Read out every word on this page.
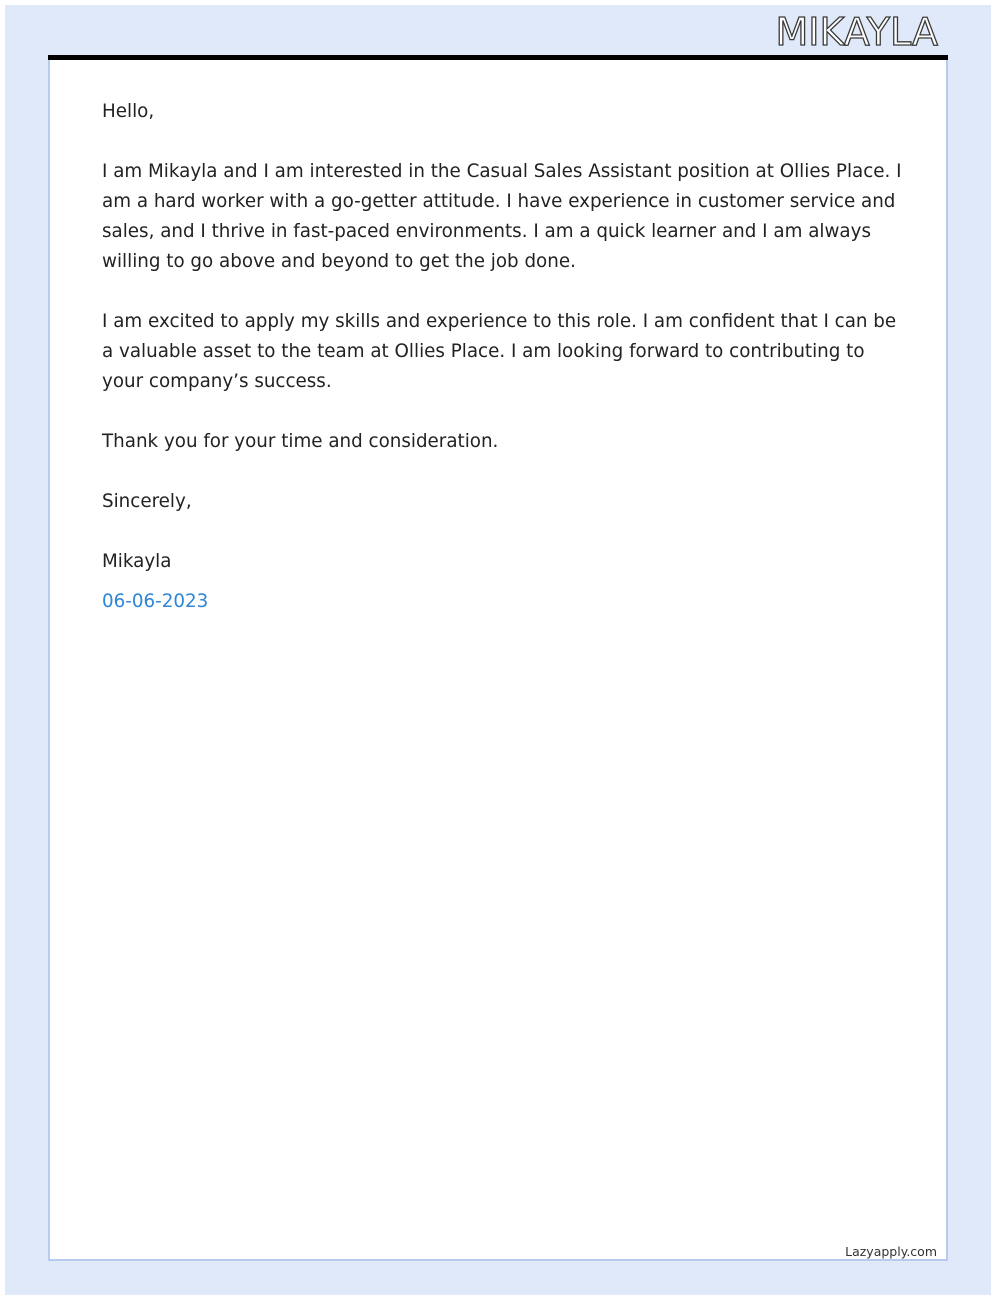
MIKAYLA

Hello,

I am Mikayla and I am interested in the Casual Sales Assistant position at Ollies Place. I am a hard worker with a go-getter attitude. I have experience in customer service and sales, and I thrive in fast-paced environments. I am a quick learner and I am always willing to go above and beyond to get the job done.

I am excited to apply my skills and experience to this role. I am confident that I can be a valuable asset to the team at Ollies Place. I am looking forward to contributing to your company’s success.

Thank you for your time and consideration.

Sincerely,

Mikayla

06-06-2023

Lazyapply.com
